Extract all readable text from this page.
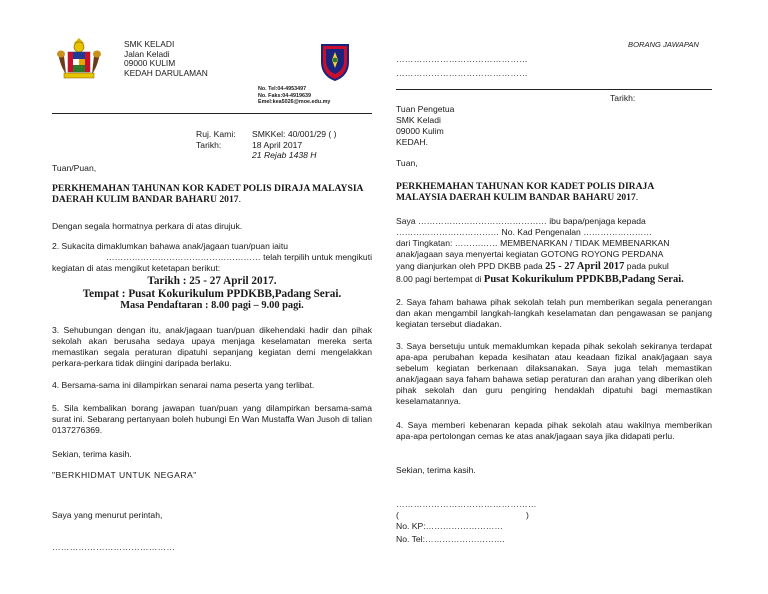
SMK KELADI
Jalan Keladi
09000 KULIM
KEDAH DARULAMAN
No. Tel:04-4953497
No. Faks:04-4919639
Emel:kea5026@moe.edu.my
Ruj. Kami:
Tarikh:
SMKKel: 40/001/29 ( )
18 April 2017
21 Rejab 1438 H
Tuan/Puan,
PERKHEMAHAN TAHUNAN KOR KADET POLIS DIRAJA MALAYSIA
DAERAH KULIM BANDAR BAHARU 2017.
Dengan segala hormatnya perkara di atas dirujuk.
2. Sukacita dimaklumkan bahawa anak/jagaan tuan/puan iaitu
……………………………………………… telah terpilih untuk mengikuti
kegiatan di atas mengikut ketetapan berikut:
Tarikh : 25 - 27 April 2017.
Tempat : Pusat Kokurikulum PPDKBB,Padang Serai.
Masa Pendaftaran : 8.00 pagi – 9.00 pagi.
3. Sehubungan dengan itu, anak/jagaan tuan/puan dikehendaki hadir dan pihak sekolah akan berusaha sedaya upaya menjaga keselamatan mereka serta memastikan segala peraturan dipatuhi sepanjang kegiatan demi mengelakkan perkara-perkara tidak diingini daripada berlaku.
4. Bersama-sama ini dilampirkan senarai nama peserta yang terlibat.
5. Sila kembalikan borang jawapan tuan/puan yang dilampirkan bersama-sama surat ini. Sebarang pertanyaan boleh hubungi En Wan Mustaffa Wan Jusoh di talian 0137276369.
Sekian, terima kasih.
"BERKHIDMAT UNTUK NEGARA"
Saya yang menurut perintah,
……………………………………
BORANG JAWAPAN
………………………………………
………………………………………
Tarikh:
Tuan Pengetua
SMK Keladi
09000 Kulim
KEDAH.
Tuan,
PERKHEMAHAN TAHUNAN KOR KADET POLIS DIRAJA
MALAYSIA DAERAH KULIM BANDAR BAHARU 2017.
Saya ……………………………………… ibu bapa/penjaga kepada
……………………………… No. Kad Pengenalan ……………………
dari Tingkatan: …………… MEMBENARKAN / TIDAK MEMBENARKAN
anak/jagaan saya menyertai kegiatan GOTONG ROYONG PERDANA
yang dianjurkan oleh PPD DKBB pada 25 - 27 April 2017 pada pukul
8.00 pagi bertempat di Pusat Kokurikulum PPDKBB,Padang Serai.
2. Saya faham bahawa pihak sekolah telah pun memberikan segala penerangan dan akan mengambil langkah-langkah keselamatan dan pengawasan se panjang kegiatan tersebut diadakan.
3. Saya bersetuju untuk memaklumkan kepada pihak sekolah sekiranya terdapat apa-apa perubahan kepada kesihatan atau keadaan fizikal anak/jagaan saya sebelum kegiatan berkenaan dilaksanakan. Saya juga telah memastikan anak/jagaan saya faham bahawa setiap peraturan dan arahan yang diberikan oleh pihak sekolah dan guru pengiring hendaklah dipatuhi bagi memastikan keselamatannya.
4. Saya memberi kebenaran kepada pihak sekolah atau wakilnya memberikan apa-apa pertolongan cemas ke atas anak/jagaan saya jika didapati perlu.
Sekian, terima kasih.
…………………………………………
(	)
No. KP:………………………
No. Tel:……………………….
